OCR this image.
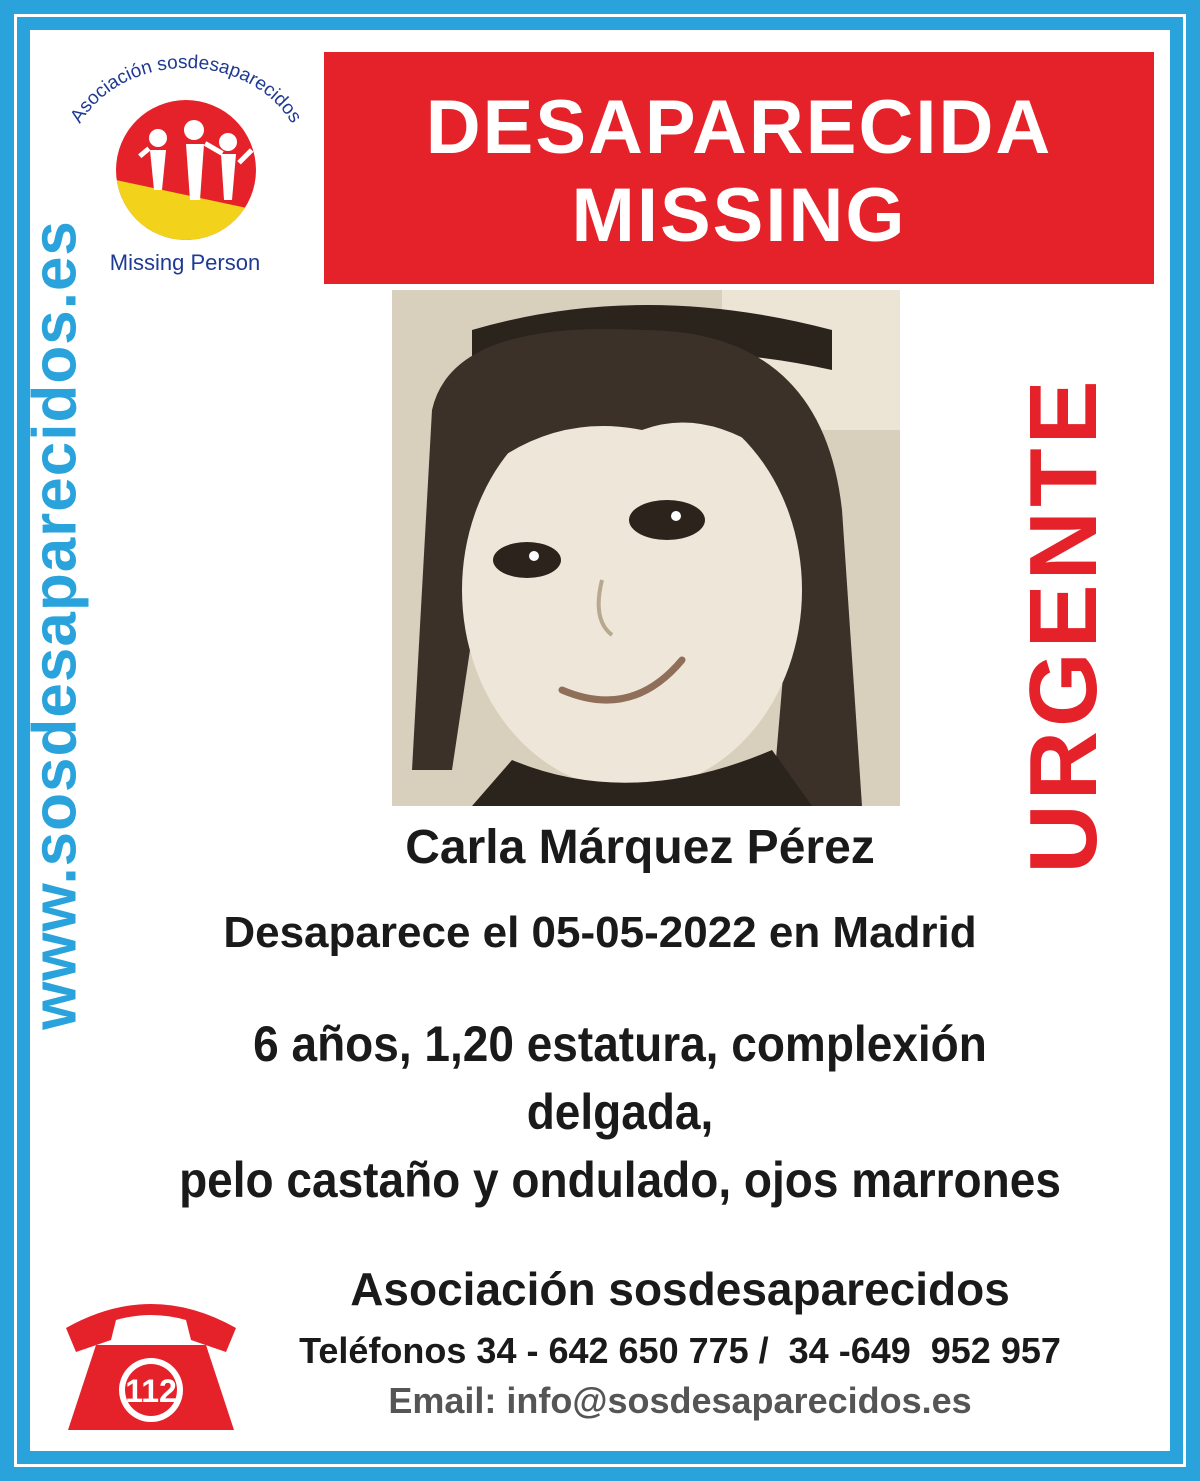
Asociación sosdesaparecidos
Missing Person
DESAPARECIDA
MISSING
www.sosdesaparecidos.es	URGENTE
Carla Márquez Pérez
Desaparece el 05-05-2022 en Madrid
6 años, 1,20 estatura, complexión delgada,
pelo castaño y ondulado, ojos marrones
112
Asociación sosdesaparecidos
Teléfonos 34 - 642 650 775 /  34 -649  952 957
Email: info@sosdesaparecidos.es
